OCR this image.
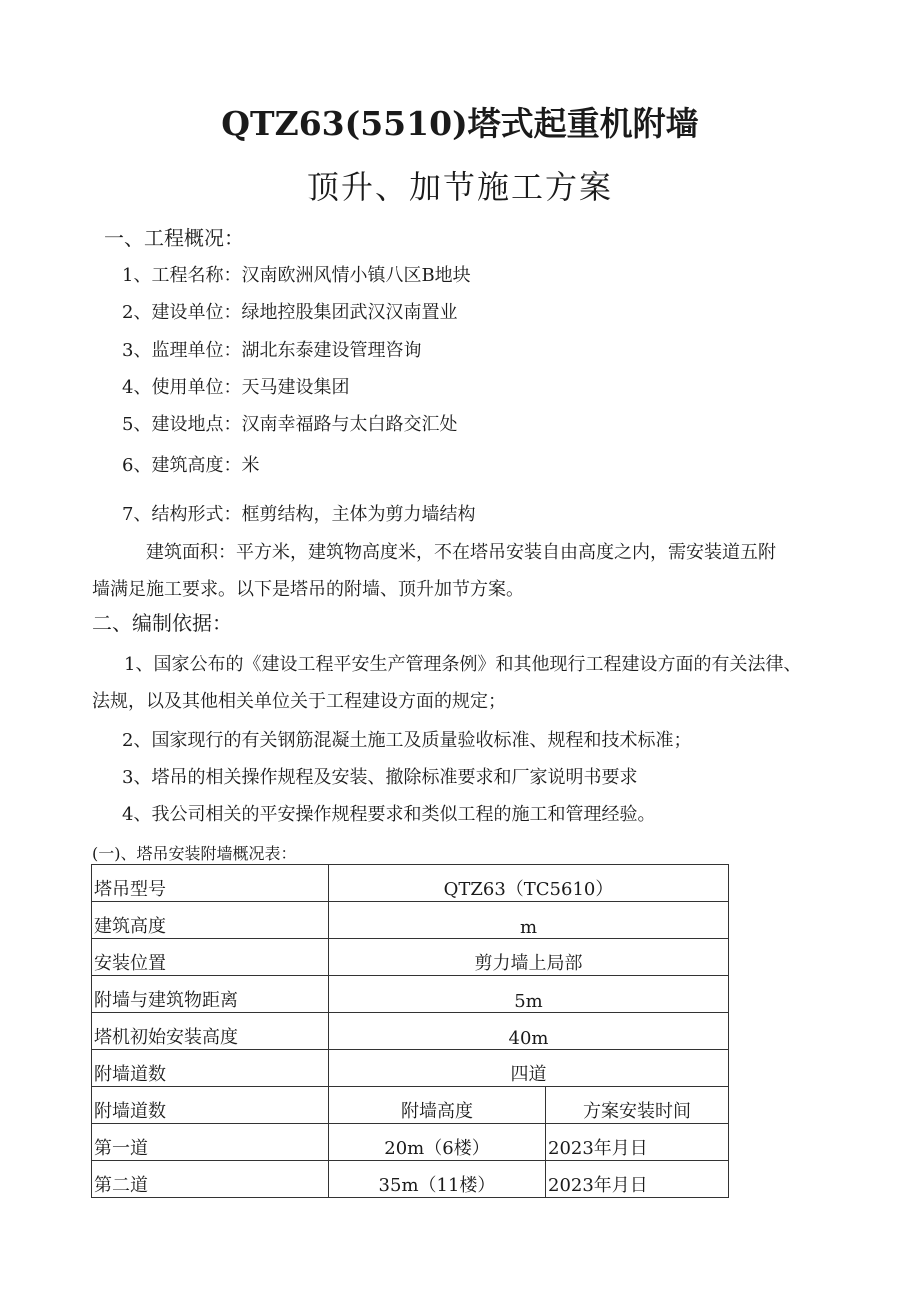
QTZ63(5510)塔式起重机附墙
顶升、加节施工方案
一、工程概况：
1、工程名称：汉南欧洲风情小镇八区B地块
2、建设单位：绿地控股集团武汉汉南置业
3、监理单位：湖北东泰建设管理咨询
4、使用单位：天马建设集团
5、建设地点：汉南幸福路与太白路交汇处
6、建筑高度：米
7、结构形式：框剪结构，主体为剪力墙结构
建筑面积：平方米，建筑物高度米，不在塔吊安装自由高度之内，需安装道五附
墙满足施工要求。以下是塔吊的附墙、顶升加节方案。
二、编制依据：
1、国家公布的《建设工程平安生产管理条例》和其他现行工程建设方面的有关法律、
法规，以及其他相关单位关于工程建设方面的规定；
2、国家现行的有关钢筋混凝土施工及质量验收标准、规程和技术标准；
3、塔吊的相关操作规程及安装、撤除标准要求和厂家说明书要求
4、我公司相关的平安操作规程要求和类似工程的施工和管理经验。
(一)、塔吊安装附墙概况表：
塔吊型号	QTZ63（TC5610）	
建筑高度	m	
安装位置	剪力墙上局部	
附墙与建筑物距离	5m	
塔机初始安装高度	40m	
附墙道数	四道	
附墙道数	附墙高度	方案安装时间
第一道	20m（6楼）	2023年月日
第二道	35m（11楼）	2023年月日
